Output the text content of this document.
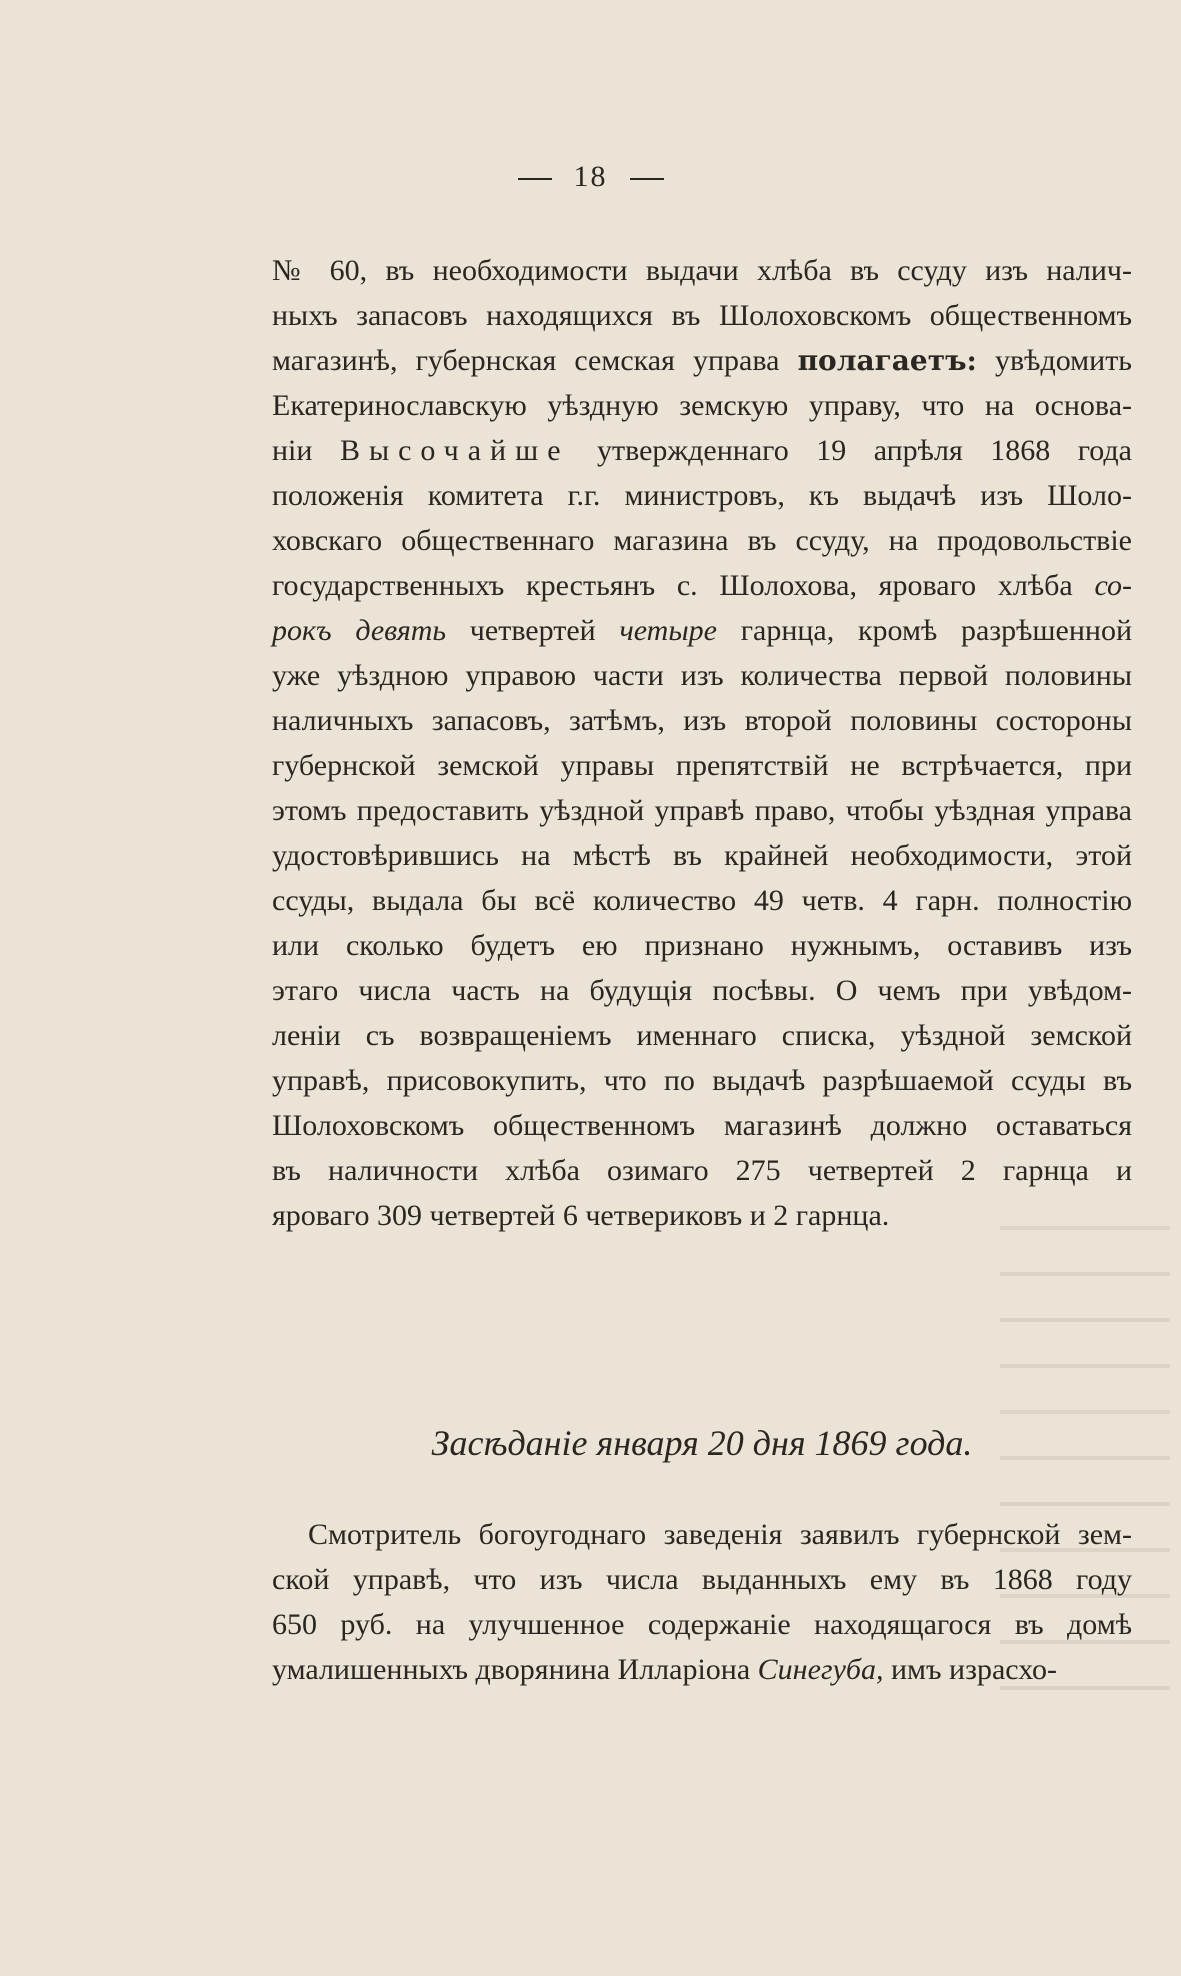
18
№ 60, въ необходимости выдачи хлѣба въ ссуду изъ налич-
ныхъ запасовъ находящихся въ Шолоховскомъ общественномъ
магазинѣ, губернская семская управа полагаетъ: увѣдомить
Екатеринославскую уѣздную земскую управу, что на основа-
ніи Высочайше утвержденнаго 19 апрѣля 1868 года
положенія комитета г.г. министровъ, къ выдачѣ изъ Шоло-
ховскаго общественнаго магазина въ ссуду, на продовольствіе
государственныхъ крестьянъ с. Шолохова, яроваго хлѣба со-
рокъ девять четвертей четыре гарнца, кромѣ разрѣшенной
уже уѣздною управою части изъ количества первой половины
наличныхъ запасовъ, затѣмъ, изъ второй половины состороны
губернской земской управы препятствій не встрѣчается, при
этомъ предоставить уѣздной управѣ право, чтобы уѣздная управа
удостовѣрившись на мѣстѣ въ крайней необходимости, этой
ссуды, выдала бы всё количество 49 четв. 4 гарн. полностію
или сколько будетъ ею признано нужнымъ, оставивъ изъ
этаго числа часть на будущія посѣвы. О чемъ при увѣдом-
леніи съ возвращеніемъ именнаго списка, уѣздной земской
управѣ, присовокупить, что по выдачѣ разрѣшаемой ссуды въ
Шолоховскомъ общественномъ магазинѣ должно оставаться
въ наличности хлѣба озимаго 275 четвертей 2 гарнца и
яроваго 309 четвертей 6 четвериковъ и 2 гарнца.
Засѣданіе января 20 дня 1869 года.
Смотритель богоугоднаго заведенія заявилъ губернской зем-
ской управѣ, что изъ числа выданныхъ ему въ 1868 году
650 руб. на улучшенное содержаніе находящагося въ домѣ
умалишенныхъ дворянина Илларіона Синегуба, имъ израсхо-
